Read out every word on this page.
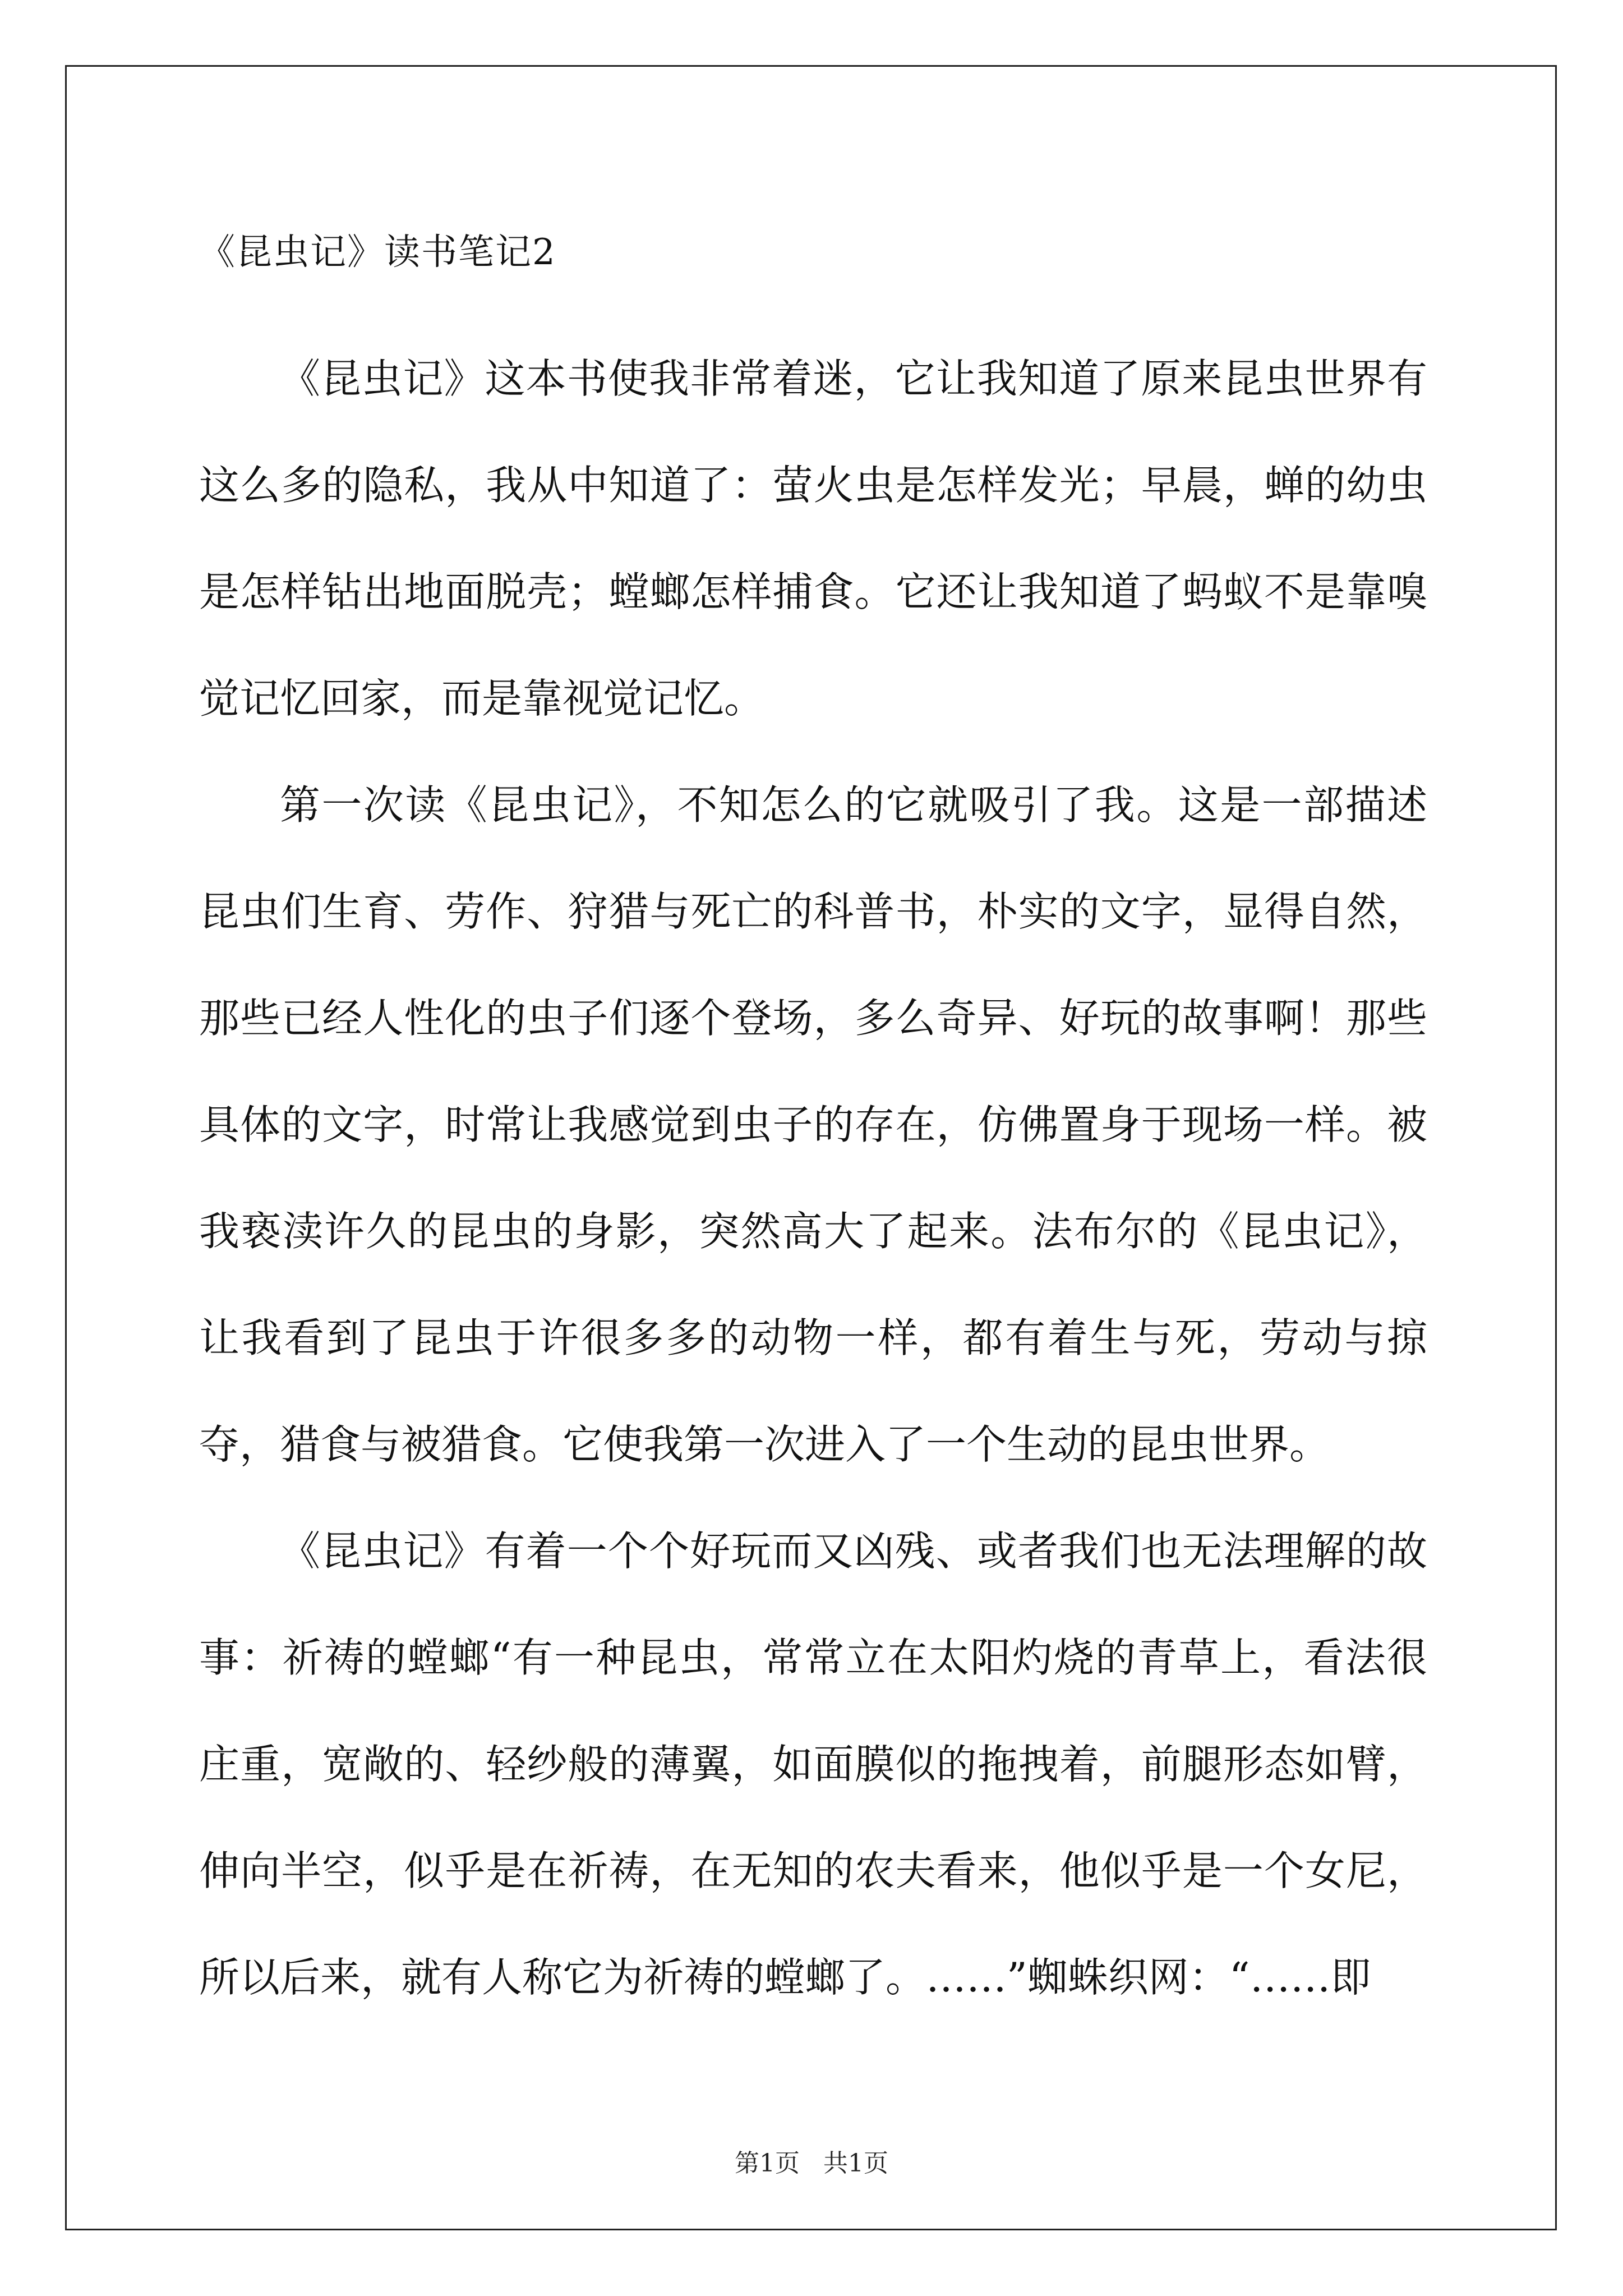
《昆虫记》读书笔记2

《昆虫记》这本书使我非常着迷，它让我知道了原来昆虫世界有这么多的隐私，我从中知道了：萤火虫是怎样发光；早晨，蝉的幼虫是怎样钻出地面脱壳；螳螂怎样捕食。它还让我知道了蚂蚁不是靠嗅觉记忆回家，而是靠视觉记忆。

第一次读《昆虫记》，不知怎么的它就吸引了我。这是一部描述昆虫们生育、劳作、狩猎与死亡的科普书，朴实的文字，显得自然，那些已经人性化的虫子们逐个登场，多么奇异、好玩的故事啊！那些具体的文字，时常让我感觉到虫子的存在，仿佛置身于现场一样。被我亵渎许久的昆虫的身影，突然高大了起来。法布尔的《昆虫记》，让我看到了昆虫于许很多多的动物一样，都有着生与死，劳动与掠夺，猎食与被猎食。它使我第一次进入了一个生动的昆虫世界。

《昆虫记》有着一个个好玩而又凶残、或者我们也无法理解的故事：祈祷的螳螂“有一种昆虫，常常立在太阳灼烧的青草上，看法很庄重，宽敞的、轻纱般的薄翼，如面膜似的拖拽着，前腿形态如臂，伸向半空，似乎是在祈祷，在无知的农夫看来，他似乎是一个女尼，所以后来，就有人称它为祈祷的螳螂了。……”蜘蛛织网：“……即

第1页   共1页
